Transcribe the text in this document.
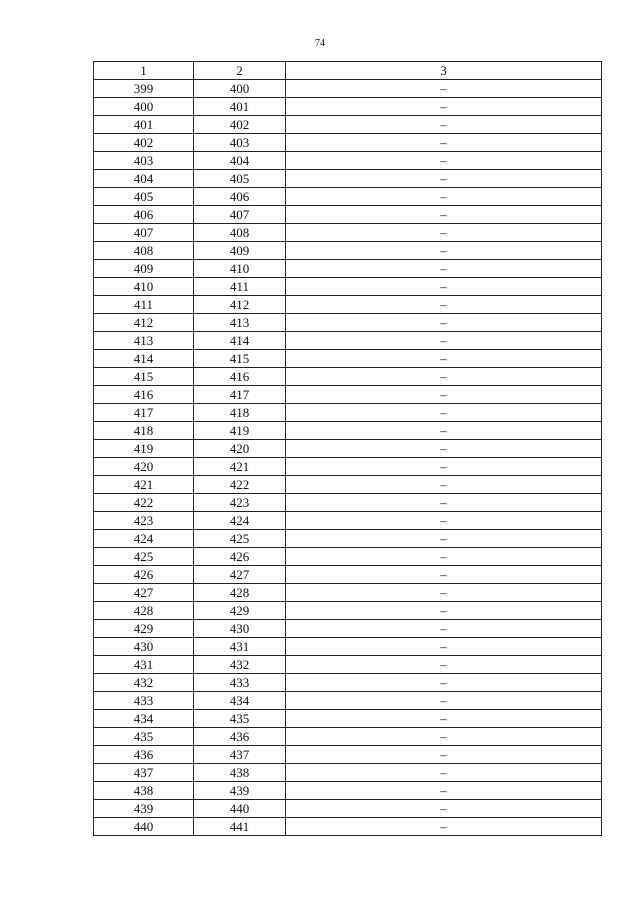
74
1	2	3
399	400	–
400	401	–
401	402	–
402	403	–
403	404	–
404	405	–
405	406	–
406	407	–
407	408	–
408	409	–
409	410	–
410	411	–
411	412	–
412	413	–
413	414	–
414	415	–
415	416	–
416	417	–
417	418	–
418	419	–
419	420	–
420	421	–
421	422	–
422	423	–
423	424	–
424	425	–
425	426	–
426	427	–
427	428	–
428	429	–
429	430	–
430	431	–
431	432	–
432	433	–
433	434	–
434	435	–
435	436	–
436	437	–
437	438	–
438	439	–
439	440	–
440	441	–
